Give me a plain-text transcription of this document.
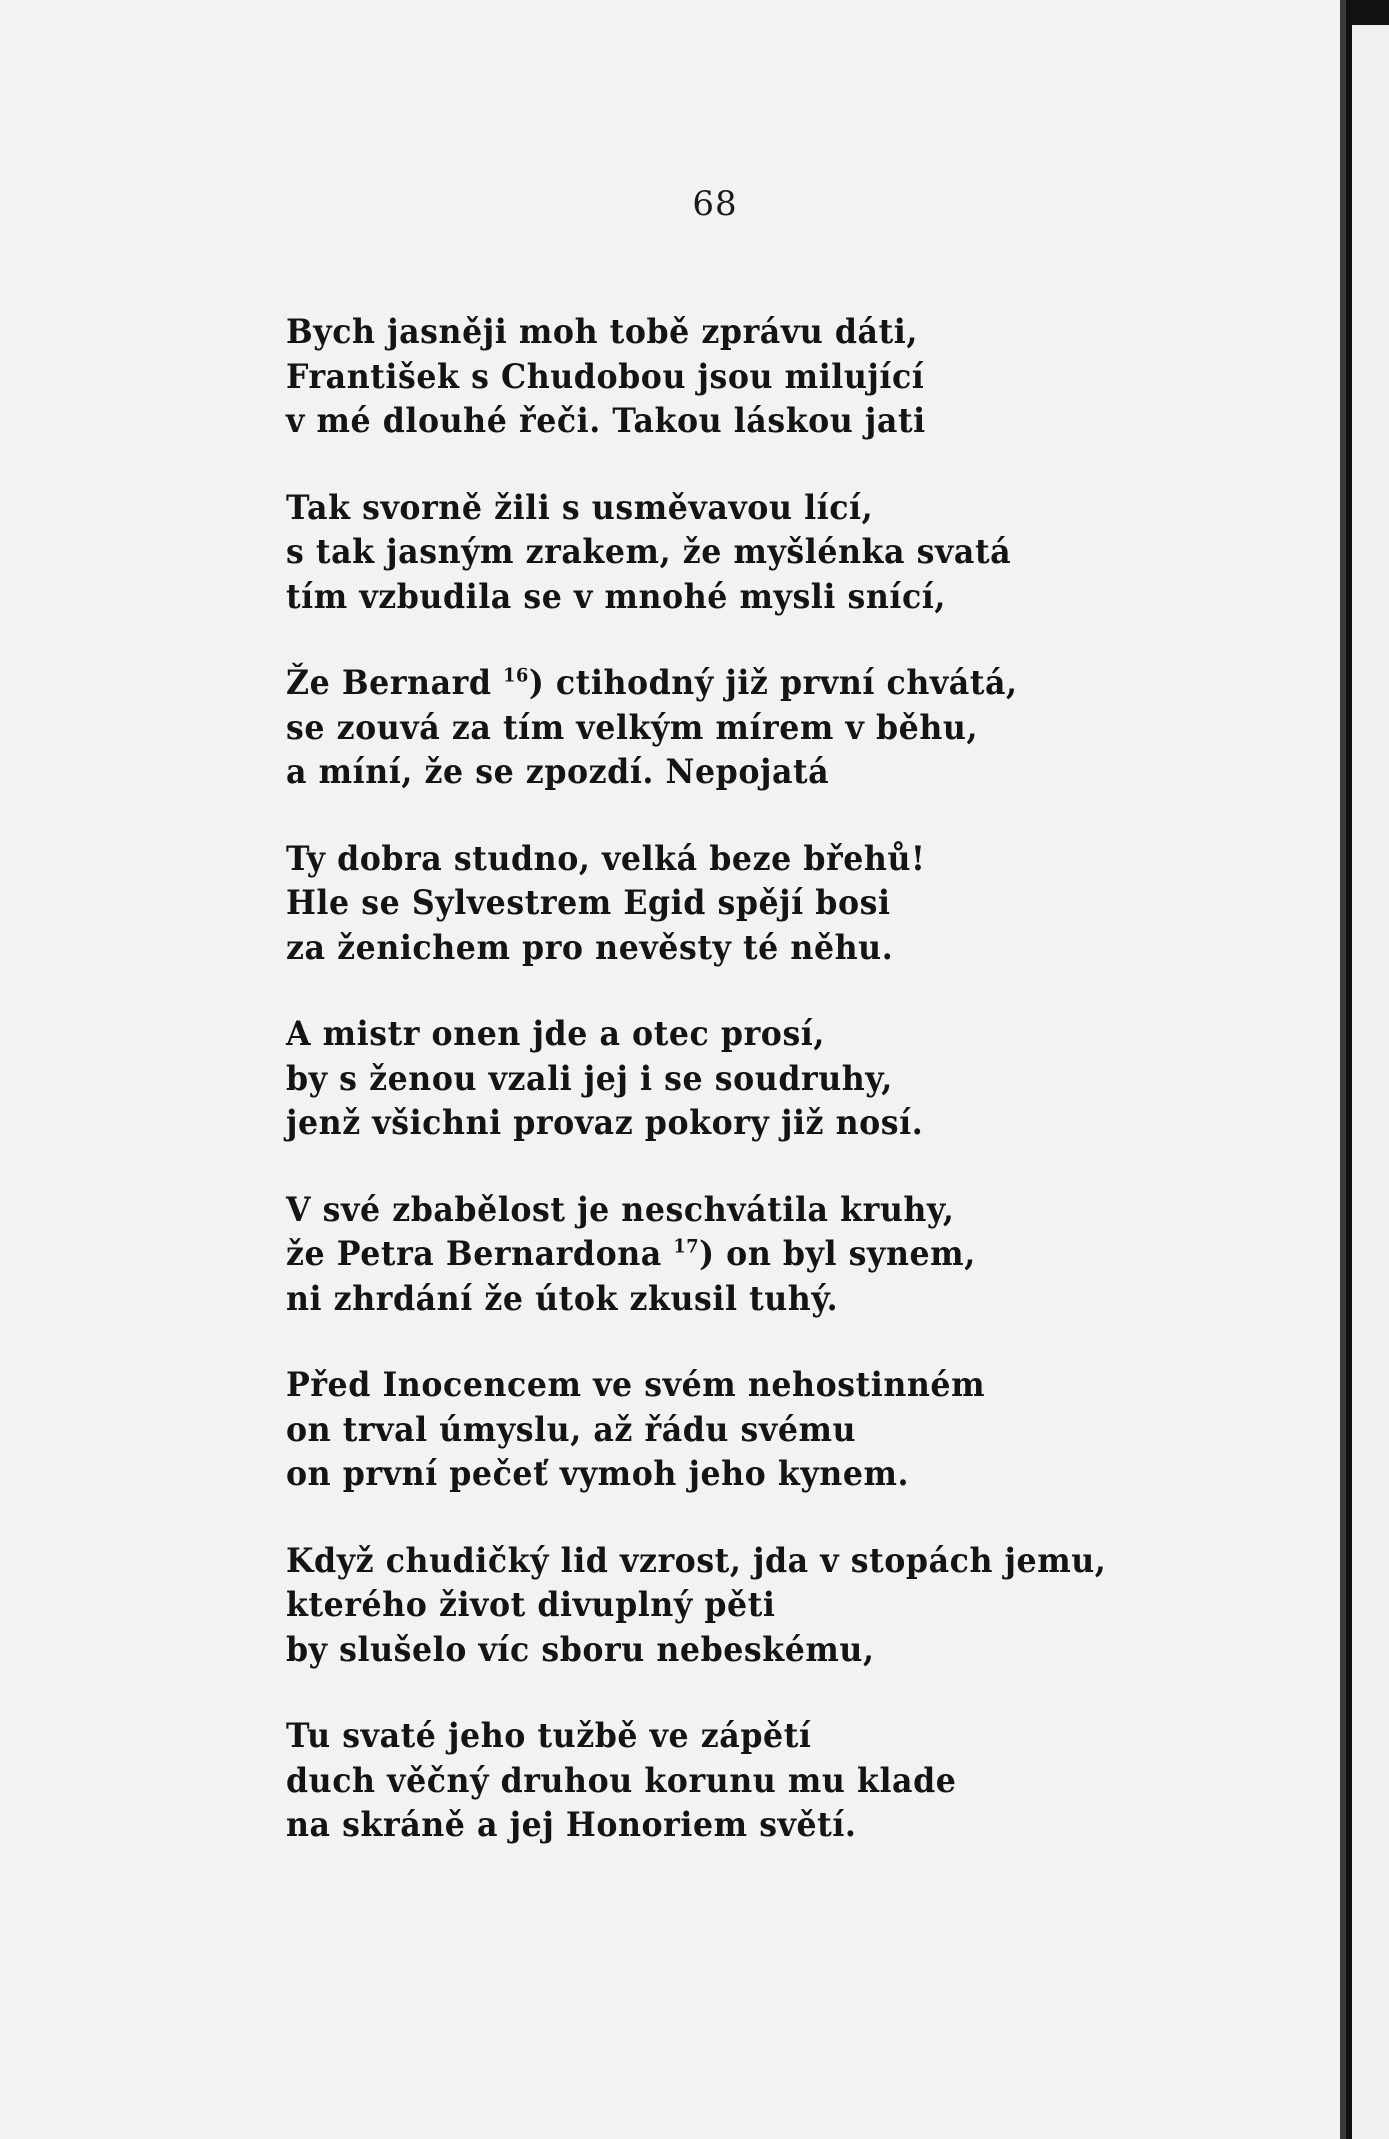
68
Bych jasněji moh tobě zprávu dáti,
František s Chudobou jsou milující
v mé dlouhé řeči. Takou láskou jati
Tak svorně žili s usměvavou lící,
s tak jasným zrakem, že myšlénka svatá
tím vzbudila se v mnohé mysli snící,
Že Bernard $^{16}$) ctihodný již první chvátá,
se zouvá za tím velkým mírem v běhu,
a míní, že se zpozdí. Nepojatá
Ty dobra studno, velká beze břehů!
Hle se Sylvestrem Egid spějí bosi
za ženichem pro nevěsty té něhu.
A mistr onen jde a otec prosí,
by s ženou vzali jej i se soudruhy,
jenž všichni provaz pokory již nosí.
V své zbabělost je neschvátila kruhy,
že Petra Bernardona $^{17}$) on byl synem,
ni zhrdání že útok zkusil tuhý.
Před Inocencem ve svém nehostinném
on trval úmyslu, až řádu svému
on první pečeť vymoh jeho kynem.
Když chudičký lid vzrost, jda v stopách jemu,
kterého život divuplný pěti
by slušelo víc sboru nebeskému,
Tu svaté jeho tužbě ve zápětí
duch věčný druhou korunu mu klade
na skráně a jej Honoriem světí.
